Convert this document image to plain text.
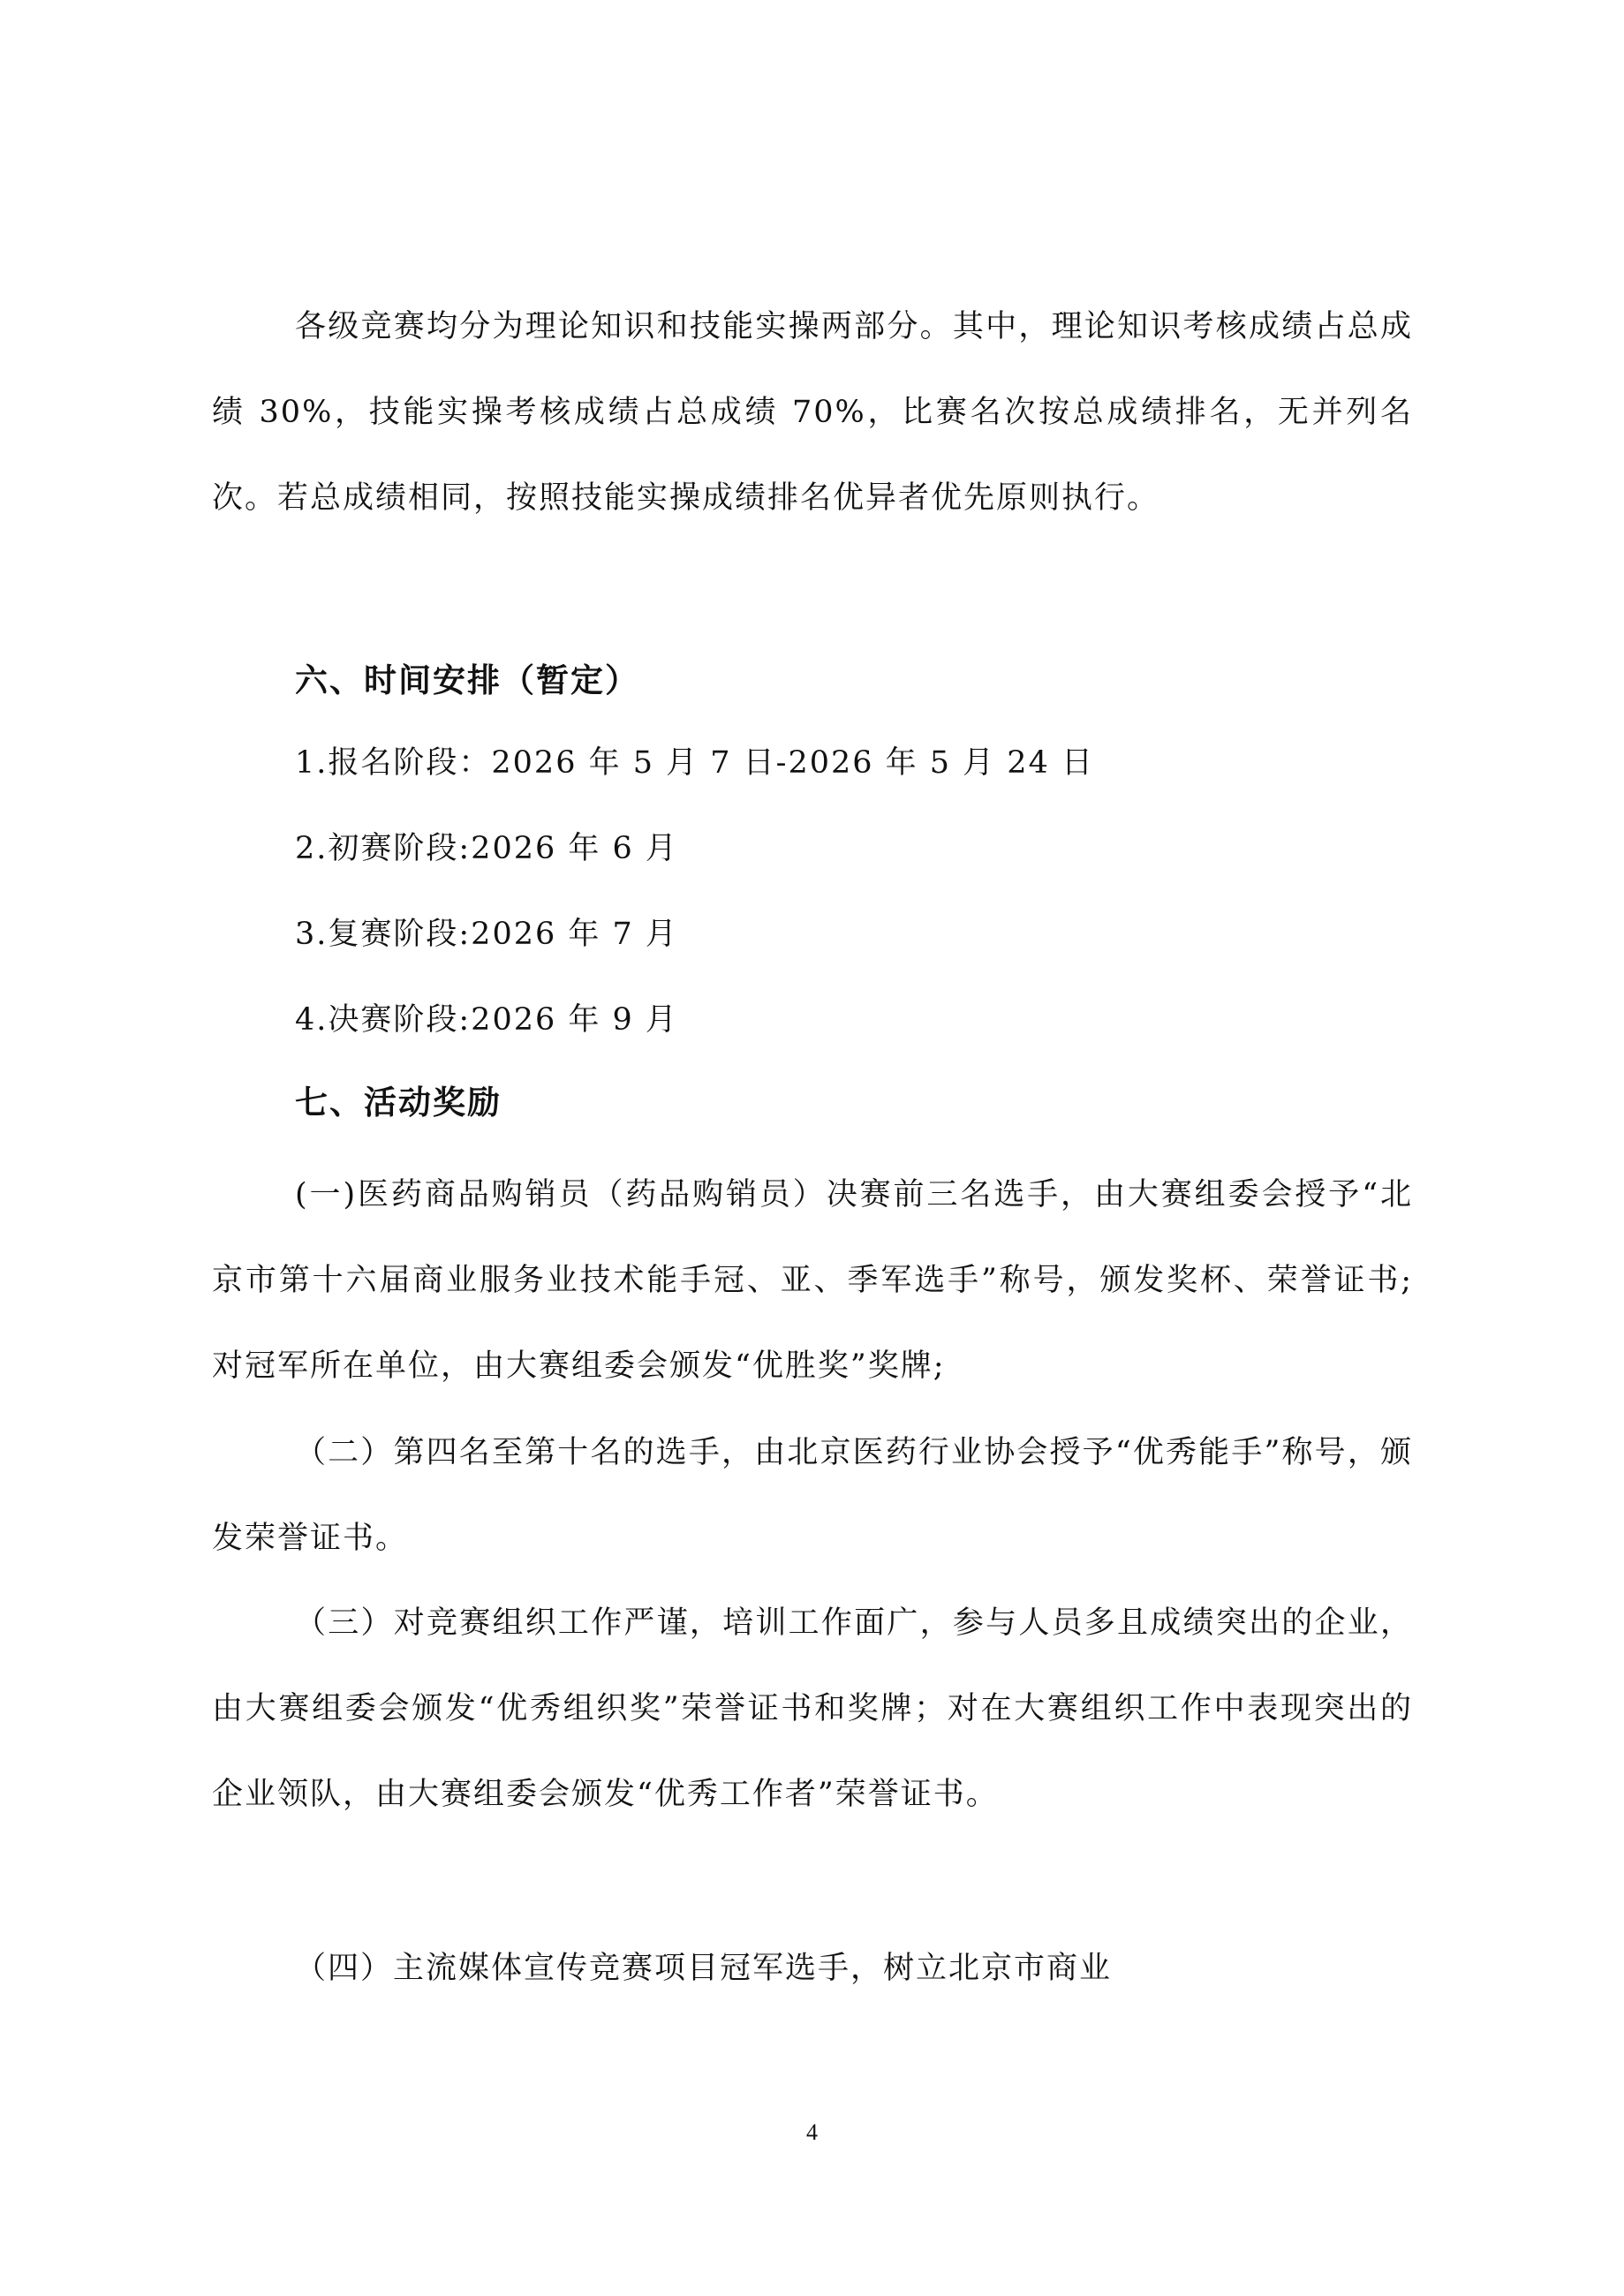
各级竞赛均分为理论知识和技能实操两部分。其中，理论知识考核成绩占总成绩 30%，技能实操考核成绩占总成绩 70%，比赛名次按总成绩排名，无并列名次。若总成绩相同，按照技能实操成绩排名优异者优先原则执行。

六、时间安排（暂定）

1.报名阶段：2026 年 5 月 7 日-2026 年 5 月 24 日

2.初赛阶段:2026 年 6 月

3.复赛阶段:2026 年 7 月

4.决赛阶段:2026 年 9 月

七、活动奖励

(一)医药商品购销员（药品购销员）决赛前三名选手，由大赛组委会授予“北京市第十六届商业服务业技术能手冠、亚、季军选手”称号，颁发奖杯、荣誉证书;对冠军所在单位，由大赛组委会颁发“优胜奖”奖牌;

（二）第四名至第十名的选手，由北京医药行业协会授予“优秀能手”称号，颁发荣誉证书。

（三）对竞赛组织工作严谨，培训工作面广，参与人员多且成绩突出的企业，由大赛组委会颁发“优秀组织奖”荣誉证书和奖牌；对在大赛组织工作中表现突出的企业领队，由大赛组委会颁发“优秀工作者”荣誉证书。

（四）主流媒体宣传竞赛项目冠军选手，树立北京市商业

4
